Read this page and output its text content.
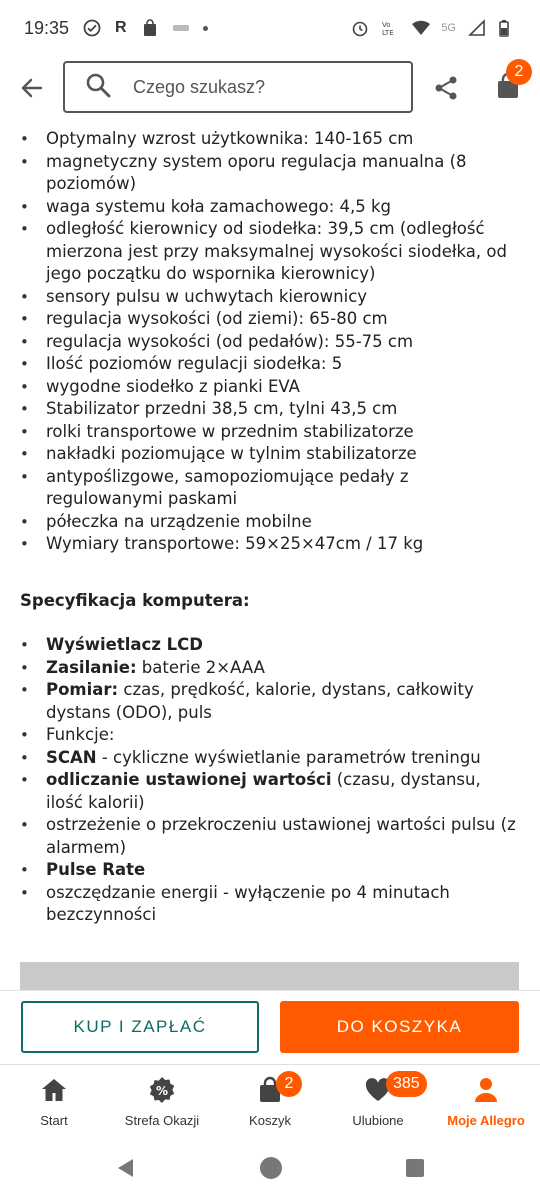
19:35	R	Vo
LTE	5G
Czego szukasz?
2
• Optymalny wzrost użytkownika: 140-165 cm
• magnetyczny system oporu regulacja manualna (8 poziomów)
• waga systemu koła zamachowego: 4,5 kg
• odległość kierownicy od siodełka: 39,5 cm (odległość mierzona jest przy maksymalnej wysokości siodełka, od jego początku do wspornika kierownicy)
• sensory pulsu w uchwytach kierownicy
• regulacja wysokości (od ziemi): 65-80 cm
• regulacja wysokości (od pedałów): 55-75 cm
• Ilość poziomów regulacji siodełka: 5
• wygodne siodełko z pianki EVA
• Stabilizator przedni 38,5 cm, tylni 43,5 cm
• rolki transportowe w przednim stabilizatorze
• nakładki poziomujące w tylnim stabilizatorze
• antypoślizgowe, samopoziomujące pedały z regulowanymi paskami
• półeczka na urządzenie mobilne
• Wymiary transportowe: 59×25×47cm / 17 kg
Specyfikacja komputera:
• Wyświetlacz LCD
• Zasilanie: baterie 2×AAA
• Pomiar: czas, prędkość, kalorie, dystans, całkowity dystans (ODO), puls
• Funkcje:
• SCAN - cykliczne wyświetlanie parametrów treningu
• odliczanie ustawionej wartości (czasu, dystansu, ilość kalorii)
• ostrzeżenie o przekroczeniu ustawionej wartości pulsu (z alarmem)
• Pulse Rate
• oszczędzanie energii - wyłączenie po 4 minutach bezczynności
KUP I ZAPŁAĆ	DO KOSZYKA
Start
%
Strefa Okazji
2
Koszyk
385
Ulubione	Moje Allegro
